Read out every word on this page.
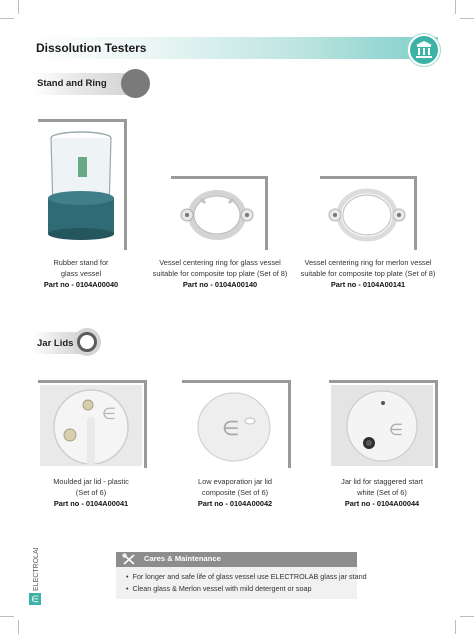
Dissolution Testers
Stand and Ring
Rubber stand for
glass vessel
Part no - 0104A00040
Vessel centering ring for glass vessel
suitable for composite top plate (Set of 8)
Part no - 0104A00140
Vessel centering ring for merlon vessel
suitable for composite top plate (Set of 8)
Part no - 0104A00141
Jar Lids
∈
Moulded jar lid - plastic
(Set of 6)
Part no - 0104A00041
∈
Low evaporation jar lid
composite (Set of 6)
Part no - 0104A00042
∈
Jar lid for staggered start
white (Set of 6)
Part no - 0104A00044
∈
ELECTROLAB	Cares & Maintenance
•  For longer and safe life of glass vessel use ELECTROLAB glass jar stand
•  Clean glass & Merlon vessel with mild detergent or soap
